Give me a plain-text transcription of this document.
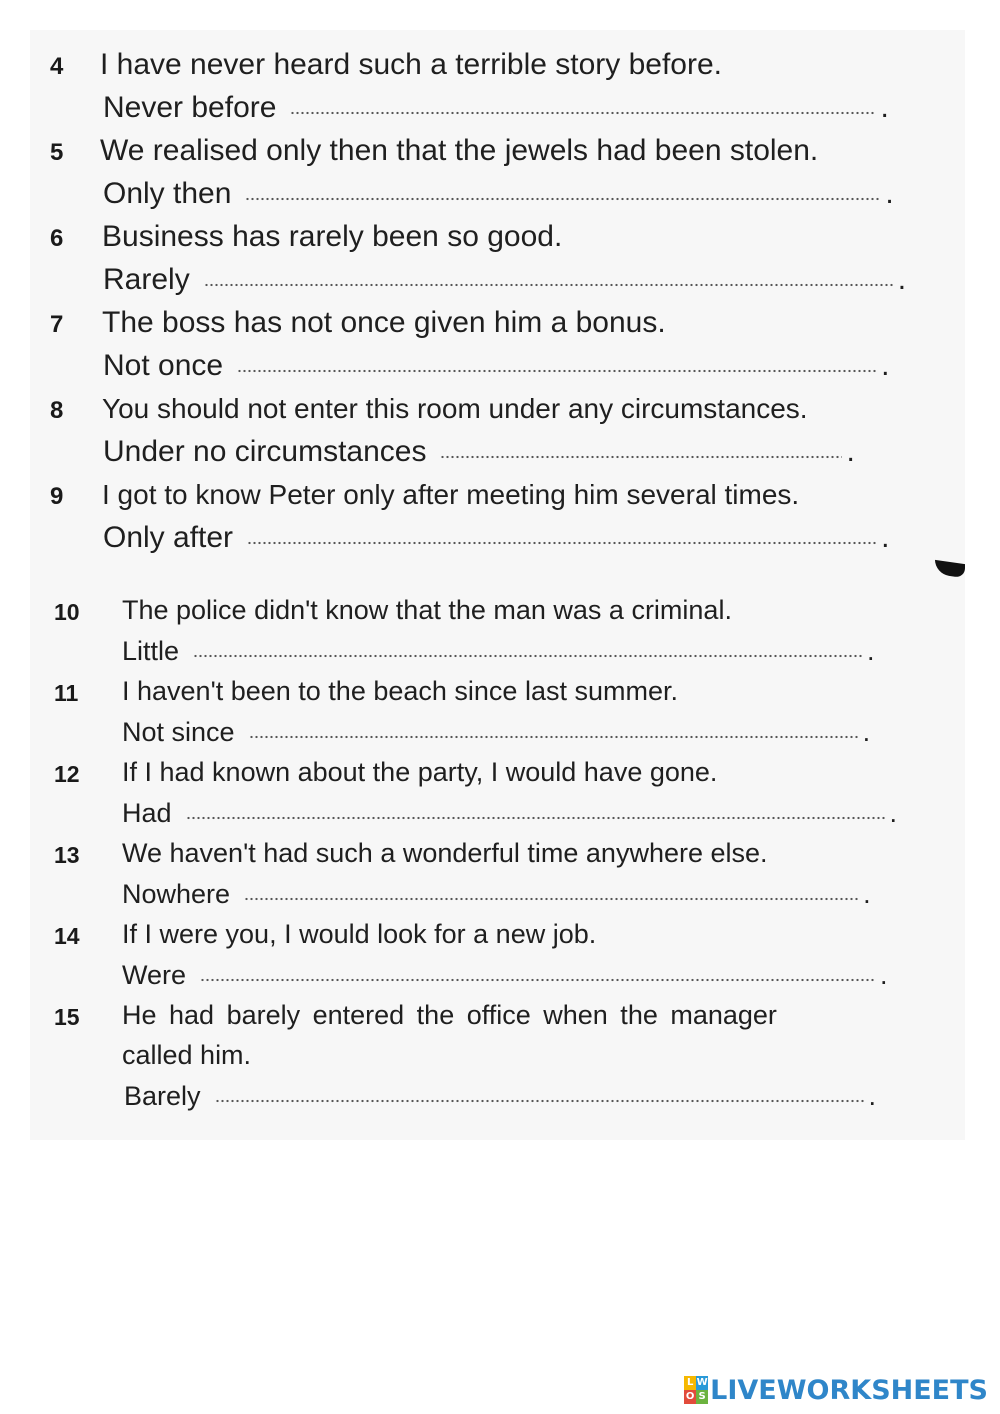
4 I have never heard such a terrible story before.
Never before	.
5 We realised only then that the jewels had been stolen.
Only then	.
6 Business has rarely been so good.
Rarely	.
7 The boss has not once given him a bonus.
Not once	.
8 You should not enter this room under any circumstances.
Under no circumstances	.
9 I got to know Peter only after meeting him several times.
Only after	.
10 The police didn't know that the man was a criminal.
Little	.
11 I haven't been to the beach since last summer.
Not since	.
12 If I had known about the party, I would have gone.
Had	.
13 We haven't had such a wonderful time anywhere else.
Nowhere	.
14 If I were you, I would look for a new job.
Were	.
15 He had barely entered the office when the manager
called him.
Barely	.
L W
O S LIVEWORKSHEETS
